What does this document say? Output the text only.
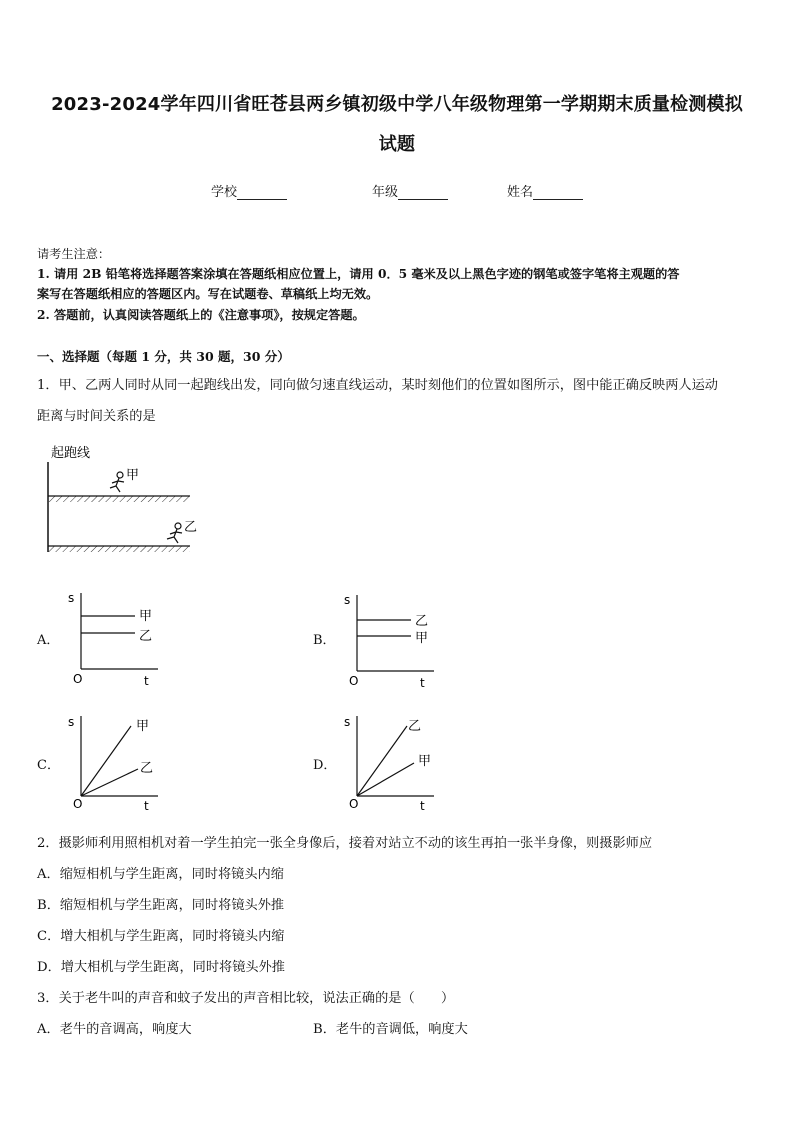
2023-2024学年四川省旺苍县两乡镇初级中学八年级物理第一学期期末质量检测模拟
试题
学校	年级	姓名
请考生注意：
1. 请用 2B 铅笔将选择题答案涂填在答题纸相应位置上，请用 0．5 毫米及以上黑色字迹的钢笔或签字笔将主观题的答
案写在答题纸相应的答题区内。写在试题卷、草稿纸上均无效。
2. 答题前，认真阅读答题纸上的《注意事项》，按规定答题。
一、选择题（每题 1 分，共 30 题，30 分）
1．甲、乙两人同时从同一起跑线出发，同向做匀速直线运动，某时刻他们的位置如图所示，图中能正确反映两人运动
距离与时间关系的是
起跑线
甲
乙
A．
s
O	t
甲
乙	B．
s
O	t
乙
甲
C．
s
O	t
甲
乙	D．
s
O	t
乙
甲
2．摄影师利用照相机对着一学生拍完一张全身像后，接着对站立不动的该生再拍一张半身像，则摄影师应
A．缩短相机与学生距离，同时将镜头内缩
B．缩短相机与学生距离，同时将镜头外推
C．增大相机与学生距离，同时将镜头内缩
D．增大相机与学生距离，同时将镜头外推
3．关于老牛叫的声音和蚊子发出的声音相比较，说法正确的是（　　）
A．老牛的音调高，响度大	B．老牛的音调低，响度大
